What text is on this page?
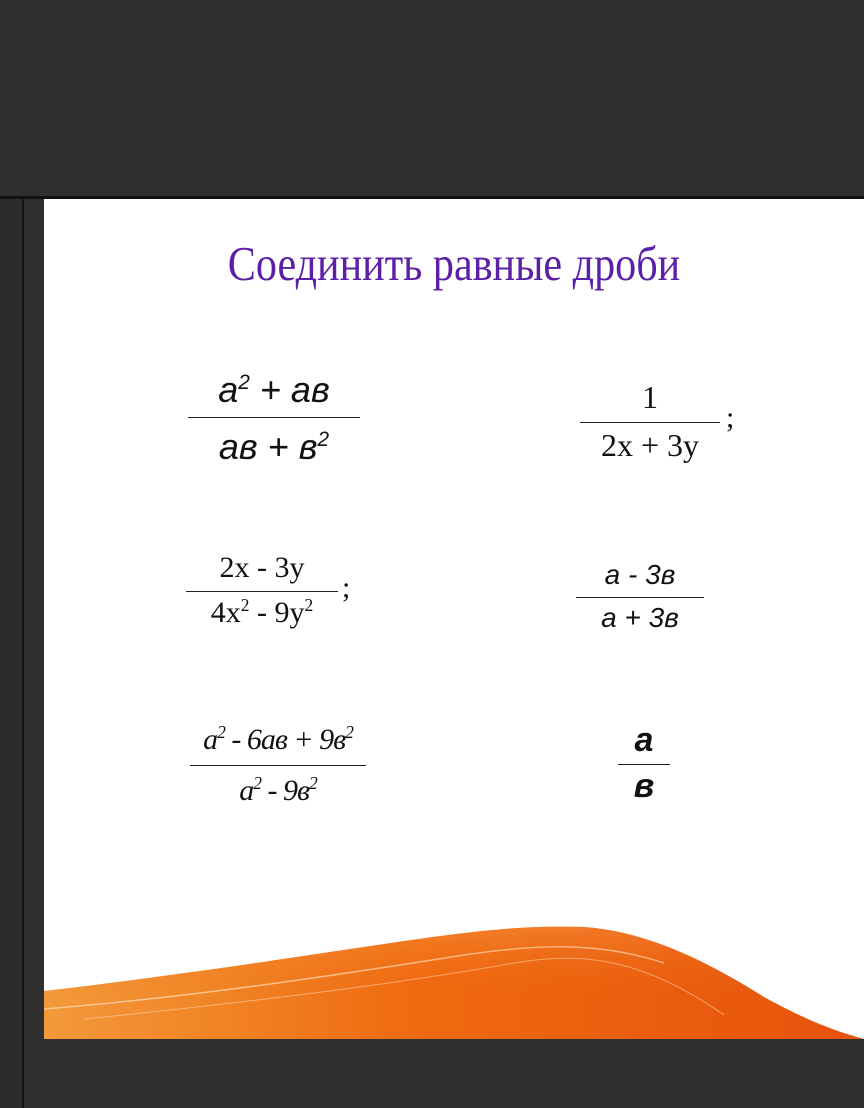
Соединить равные дроби
$a^2$ + aв
aв + $в^2$
1
2x + 3y
;
2x - 3y
$4x^2 - 9y^2$
;	a - 3в
a + 3в
$a^2 - 6aв + 9в^2$
$a^2 - 9в^2$
a
в
